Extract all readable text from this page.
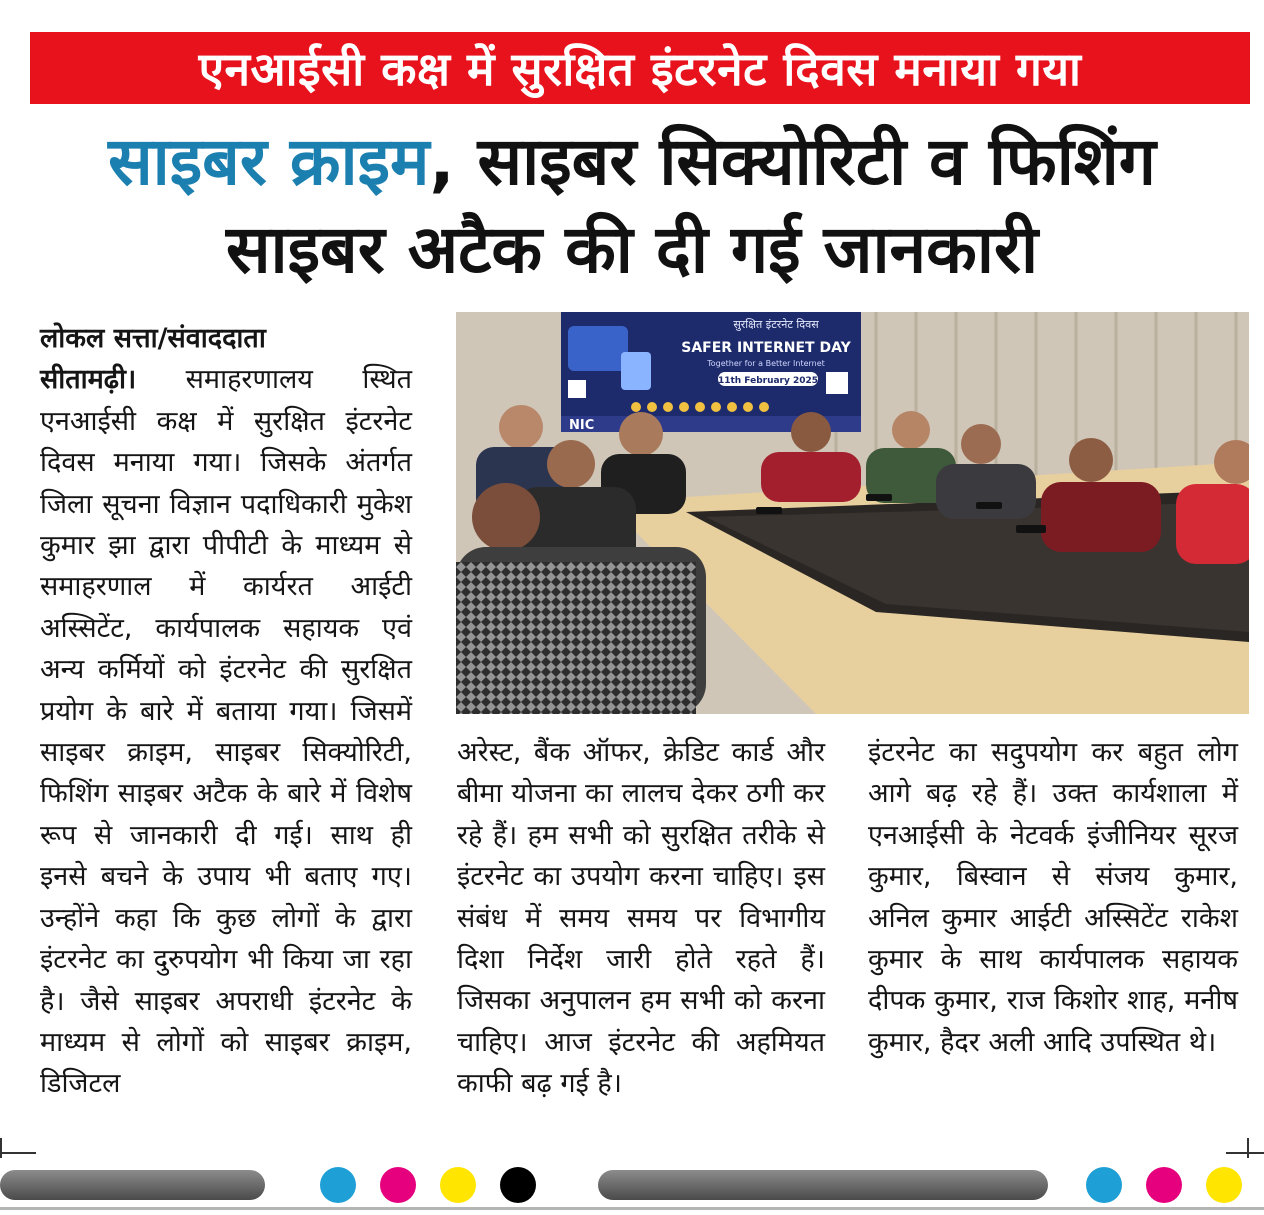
एनआईसी कक्ष में सुरक्षित इंटरनेट दिवस मनाया गया
साइबर क्राइम, साइबर सिक्योरिटी व फिशिंग
साइबर अटैक की दी गई जानकारी
लोकल सत्ता/संवाददाता
सीतामढ़ी। समाहरणालय स्थित एनआईसी कक्ष में सुरक्षित इंटरनेट दिवस मनाया गया। जिसके अंतर्गत जिला सूचना विज्ञान पदाधिकारी मुकेश कुमार झा द्वारा पीपीटी के माध्यम से समाहरणाल में कार्यरत आईटी अस्सिटेंट, कार्यपालक सहायक एवं अन्य कर्मियों को इंटरनेट की सुरक्षित प्रयोग के बारे में बताया गया। जिसमें साइबर क्राइम, साइबर सिक्योरिटी, फिशिंग साइबर अटैक के बारे में विशेष रूप से जानकारी दी गई। साथ ही इनसे बचने के उपाय भी बताए गए। उन्होंने कहा कि कुछ लोगों के द्वारा इंटरनेट का दुरुपयोग भी किया जा रहा है। जैसे साइबर अपराधी इंटरनेट के माध्यम से लोगों को साइबर क्राइम, डिजिटल
सुरक्षित इंटरनेट दिवस
SAFER INTERNET DAY
Together for a Better Internet
11th February 2025
NIC
अरेस्ट, बैंक ऑफर, क्रेडिट कार्ड और बीमा योजना का लालच देकर ठगी कर रहे हैं। हम सभी को सुरक्षित तरीके से इंटरनेट का उपयोग करना चाहिए। इस संबंध में समय समय पर विभागीय दिशा निर्देश जारी होते रहते हैं। जिसका अनुपालन हम सभी को करना चाहिए। आज इंटरनेट की अहमियत काफी बढ़ गई है।
इंटरनेट का सदुपयोग कर बहुत लोग आगे बढ़ रहे हैं। उक्त कार्यशाला में एनआईसी के नेटवर्क इंजीनियर सूरज कुमार, बिस्वान से संजय कुमार, अनिल कुमार आईटी अस्सिटेंट राकेश कुमार के साथ कार्यपालक सहायक दीपक कुमार, राज किशोर शाह, मनीष कुमार, हैदर अली आदि उपस्थित थे।
